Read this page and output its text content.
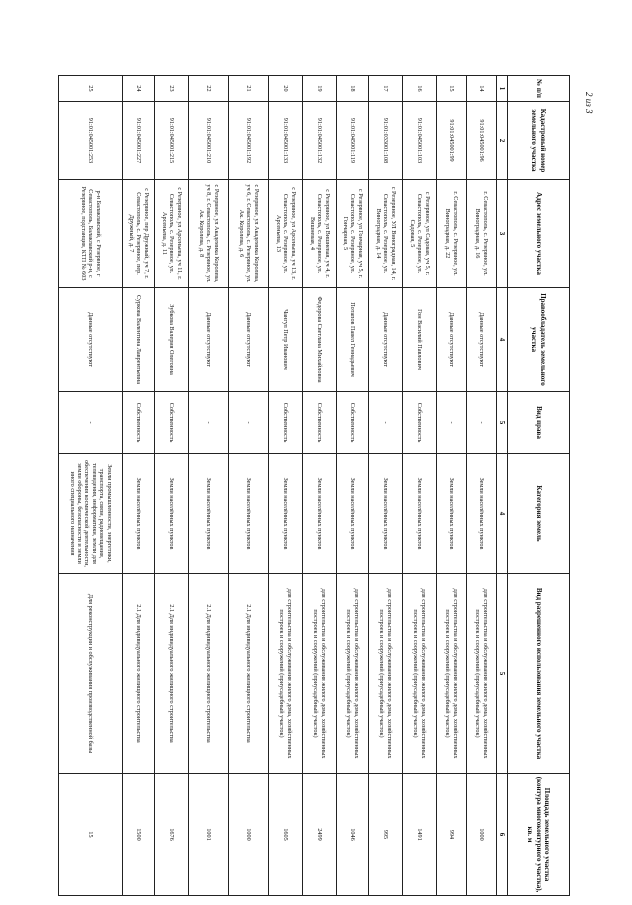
№ п/п	Кадастровый номер земельного участка	Адрес земельного участка	Правообладатель земельного участка	Вид права	Категория земель	Вид разрешенного использования земельного участка	Площадь земельного участка (контура многоконтурного участка), кв. м
1	2	3	4	5	4	5	6
14	91:01:045001:96	г. Севастополь, с. Резервное, ул. Виноградная, д. 16	Данные отсутствуют	-	Земли населённых пунктов	для строительства и обслуживания жилого дома, хозяйственных построек и сооружений (приусадебный участок)	1000
15	91:01:045001:99	г. Севастополь, с. Резервное, ул. Виноградная, д. 22	Данные отсутствуют	-	Земли населённых пунктов	для строительства и обслуживания жилого дома, хозяйственных построек и сооружений (приусадебный участок)	994
16	91:01:045001:103	с Резервное, ул Садовая, уч 5, г. Севастополь, с. Резервное, ул. Садовая, 5	Гон Василий Павлович	Собственность	Земли населённых пунктов	для строительства и обслуживания жилого дома, хозяйственных построек и сооружений (приусадебный участок)	1491
17	91:01:033001:108	с Резервное, УЛ Виноградная, 14, г. Севастополь, с. Резервное, ул. Виноградная, д. 14	Данные отсутствуют	-	Земли населённых пунктов	для строительства и обслуживания жилого дома, хозяйственных построек и сооружений (приусадебный участок)	995
18	91:01:045001:119	с Резервное, ул Гончарная, уч 5, г. Севастополь, с. Резервное, ул. Гончарная, 5	Потапов Павел Геннадьевич	Собственность	Земли населённых пунктов	для строительства и обслуживания жилого дома, хозяйственных построек и сооружений (приусадебный участок)	1046
19	91:01:045001:132	с Резервное, ул Вишневая, уч 4, г. Севастополь, с. Резервное, ул. Вишневая, 4	Федорова Светлана Михайловна	Собственность	Земли населённых пунктов	для строительства и обслуживания жилого дома, хозяйственных построек и сооружений (приусадебный участок)	2499
20	91:01:045001:133	с Резервное, ул Арсеньева, уч 13, г. Севастополь, с. Резервное, ул. Арсеньева, 13	Чангул Петр Иванович	Собственность	Земли населённых пунктов	для строительства и обслуживания жилого дома, хозяйственных построек и сооружений (приусадебный участок)	1605
21	91:01:045001:192	с Резервное, ул Академика Королева, уч 6, г. Севастополь, с. Резервное, ул. Ак. Королева, д. 6	Данные отсутствуют	-	Земли населённых пунктов	2.1 Для индивидуального жилищного строительства	1000
22	91:01:045001:210	с Резервное, ул Академика Королева, уч 8, г. Севастополь, с. Резервное, ул. Ак. Королева, д. 8	Данные отсутствуют	-	Земли населённых пунктов	2.1 Для индивидуального жилищного строительства	1001
23	91:01:045001:215	с Резервное, ул Арсеньева, уч 11, г. Севастополь, с. Резервное, ул. Арсеньева, д. 11	Зубкова Валерия Олеговна	Собственность	Земли населённых пунктов	2.1 Для индивидуального жилищного строительства	1676
24	91:01:045001:227	с Резервное, пер Дружный, уч 7, г. Севастополь, с. Резервное, пер. Дружный, д. 7	Суркова Валентина Лаврентьевна	Собственность	Земли населённых пунктов	2.1 Для индивидуального жилищного строительства	1500
25	91:01:045001:253	р-н Балаклавский, с Резервное, г Севастополь, Балаклавский р-н, с Резервное, подстанция, КТП № 603	Данные отсутствуют	-	Земли промышленности, энергетики, транспорта, связи, радиовещания, телевидения, информатики, земли для обеспечения космической деятельности, земли обороны, безопасности и земли иного специального назначения	Для реконструкции и обслуживания производственной базы	15
2 из 3
